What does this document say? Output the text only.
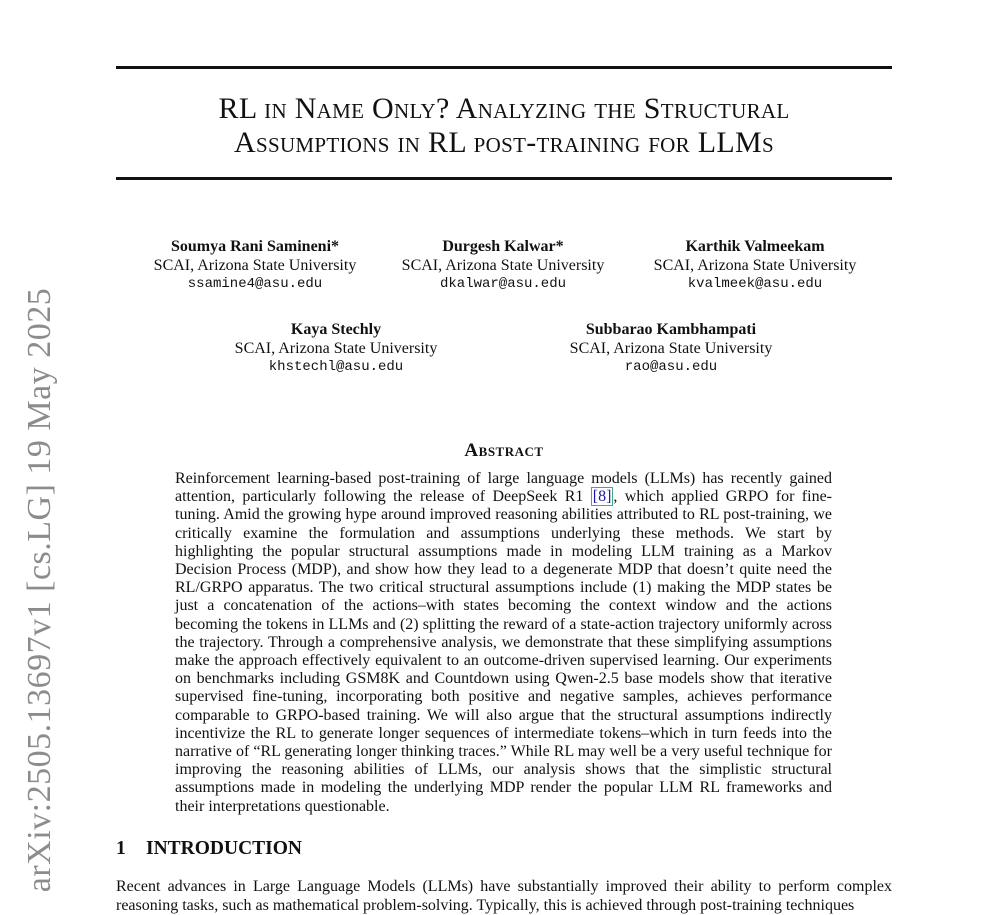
arXiv:2505.13697v1 [cs.LG] 19 May 2025
RL in Name Only? Analyzing the Structural
Assumptions in RL post-training for LLMs
Soumya Rani Samineni*
SCAI, Arizona State University
ssamine4@asu.edu
Durgesh Kalwar*
SCAI, Arizona State University
dkalwar@asu.edu
Karthik Valmeekam
SCAI, Arizona State University
kvalmeek@asu.edu
Kaya Stechly
SCAI, Arizona State University
khstechl@asu.edu
Subbarao Kambhampati
SCAI, Arizona State University
rao@asu.edu
Abstract
Reinforcement learning-based post-training of large language models (LLMs) has recently gained attention, particularly following the release of DeepSeek R1 [8] , which applied GRPO for fine-tuning. Amid the growing hype around improved reasoning abilities attributed to RL post-training, we critically examine the formulation and assumptions underlying these methods. We start by highlighting the popular structural assumptions made in modeling LLM training as a Markov Decision Process (MDP), and show how they lead to a degenerate MDP that doesn’t quite need the RL/GRPO apparatus. The two critical structural assumptions include (1) making the MDP states be just a concatenation of the actions–with states becoming the context window and the actions becoming the tokens in LLMs and (2) splitting the reward of a state-action trajectory uniformly across the trajectory. Through a comprehensive analysis, we demonstrate that these simplifying assumptions make the approach effectively equivalent to an outcome-driven supervised learning. Our experiments on benchmarks including GSM8K and Countdown using Qwen-2.5 base models show that iterative supervised fine-tuning, incorporating both positive and negative samples, achieves performance comparable to GRPO-based training. We will also argue that the structural assumptions indirectly incentivize the RL to generate longer sequences of intermediate tokens–which in turn feeds into the narrative of “RL generating longer thinking traces.” While RL may well be a very useful technique for improving the reasoning abilities of LLMs, our analysis shows that the simplistic structural assumptions made in modeling the underlying MDP render the popular LLM RL frameworks and their interpretations questionable.
1 INTRODUCTION
Recent advances in Large Language Models (LLMs) have substantially improved their ability to perform complex reasoning tasks, such as mathematical problem-solving. Typically, this is achieved through post-training techniques
